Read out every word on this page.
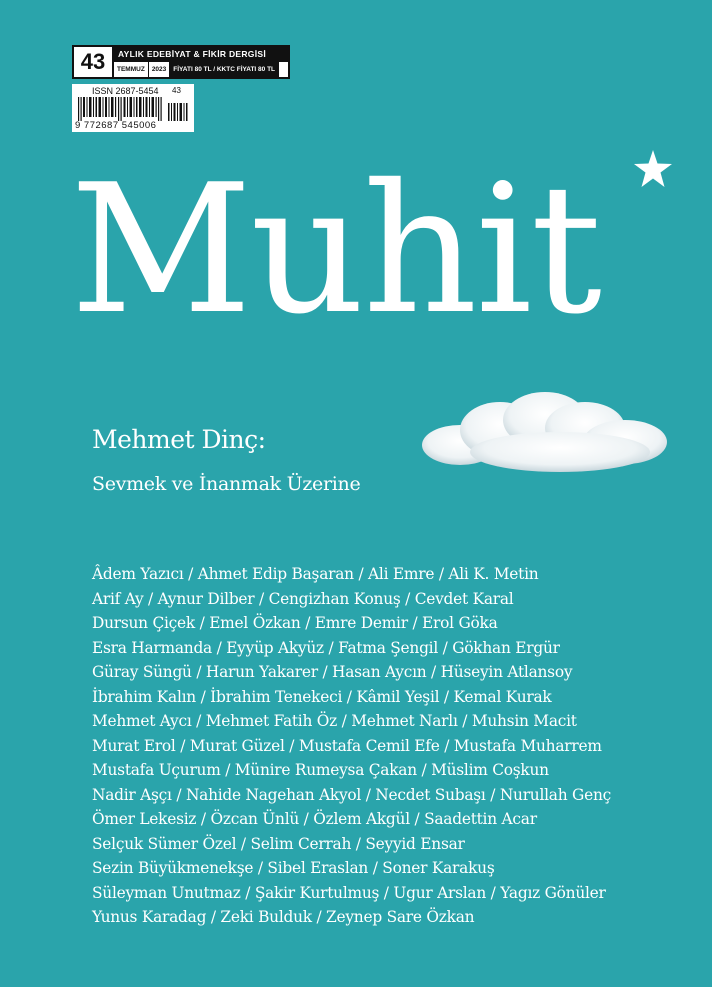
43	AYLIK EDEBİYAT & FİKİR DERGİSİ
TEMMUZ 2023 FİYATI 80 TL / KKTC FİYATI 80 TL
ISSN 2687-5454 43
9 772687 545006
Muhit
Mehmet Dinç:
Sevmek ve İnanmak Üzerine
Âdem Yazıcı / Ahmet Edip Başaran / Ali Emre / Ali K. Metin
Arif Ay / Aynur Dilber / Cengizhan Konuş / Cevdet Karal
Dursun Çiçek / Emel Özkan / Emre Demir / Erol Göka
Esra Harmanda / Eyyüp Akyüz / Fatma Şengil / Gökhan Ergür
Güray Süngü / Harun Yakarer / Hasan Aycın / Hüseyin Atlansoy
İbrahim Kalın / İbrahim Tenekeci / Kâmil Yeşil / Kemal Kurak
Mehmet Aycı / Mehmet Fatih Öz / Mehmet Narlı / Muhsin Macit
Murat Erol / Murat Güzel / Mustafa Cemil Efe / Mustafa Muharrem
Mustafa Uçurum / Münire Rumeysa Çakan / Müslim Coşkun
Nadir Aşçı / Nahide Nagehan Akyol / Necdet Subaşı / Nurullah Genç
Ömer Lekesiz / Özcan Ünlü / Özlem Akgül / Saadettin Acar
Selçuk Sümer Özel / Selim Cerrah / Seyyid Ensar
Sezin Büyükmenekşe / Sibel Eraslan / Soner Karakuş
Süleyman Unutmaz / Şakir Kurtulmuş / Ugur Arslan / Yagız Gönüler
Yunus Karadag / Zeki Bulduk / Zeynep Sare Özkan
